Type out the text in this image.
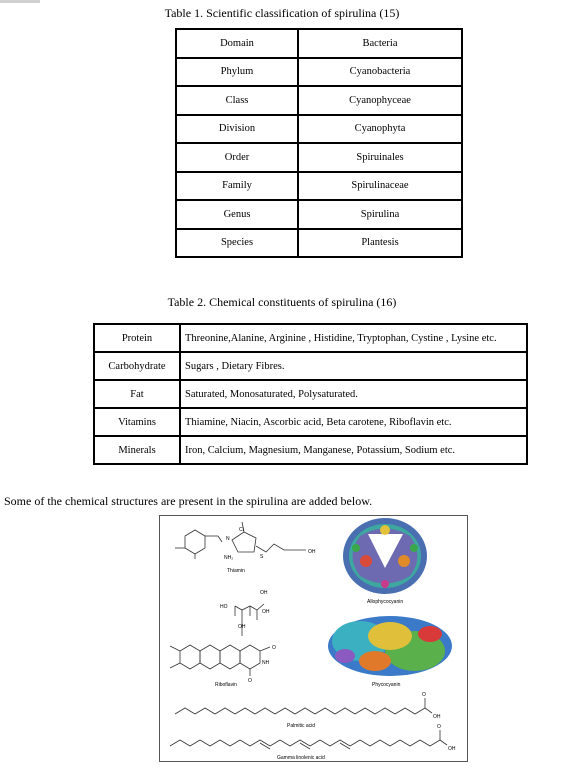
Table 1. Scientific classification of spirulina (15)
Domain	Bacteria
Phylum	Cyanobacteria
Class	Cyanophyceae
Division	Cyanophyta
Order	Spiruinales
Family	Spirulinaceae
Genus	Spirulina
Species	Plantesis
Table 2. Chemical constituents of spirulina (16)
Protein	Threonine,Alanine, Arginine , Histidine, Tryptophan, Cystine , Lysine etc.
Carbohydrate	Sugars , Dietary Fibres.
Fat	Saturated, Monosaturated, Polysaturated.
Vitamins	Thiamine, Niacin, Ascorbic acid, Beta carotene, Riboflavin etc.
Minerals	Iron, Calcium, Magnesium, Manganese, Potassium, Sodium etc.
Some of the chemical structures are present in the spirulina are added below.
Cl
N
S
OH
NH₂
Thiamin
HO
OH
OH
OH
O
NH
O
Riboflavin
Allophycocyanin
Phycocyanin
O
OH
Palmitic acid	O
OH
Gamma linolenic acid
